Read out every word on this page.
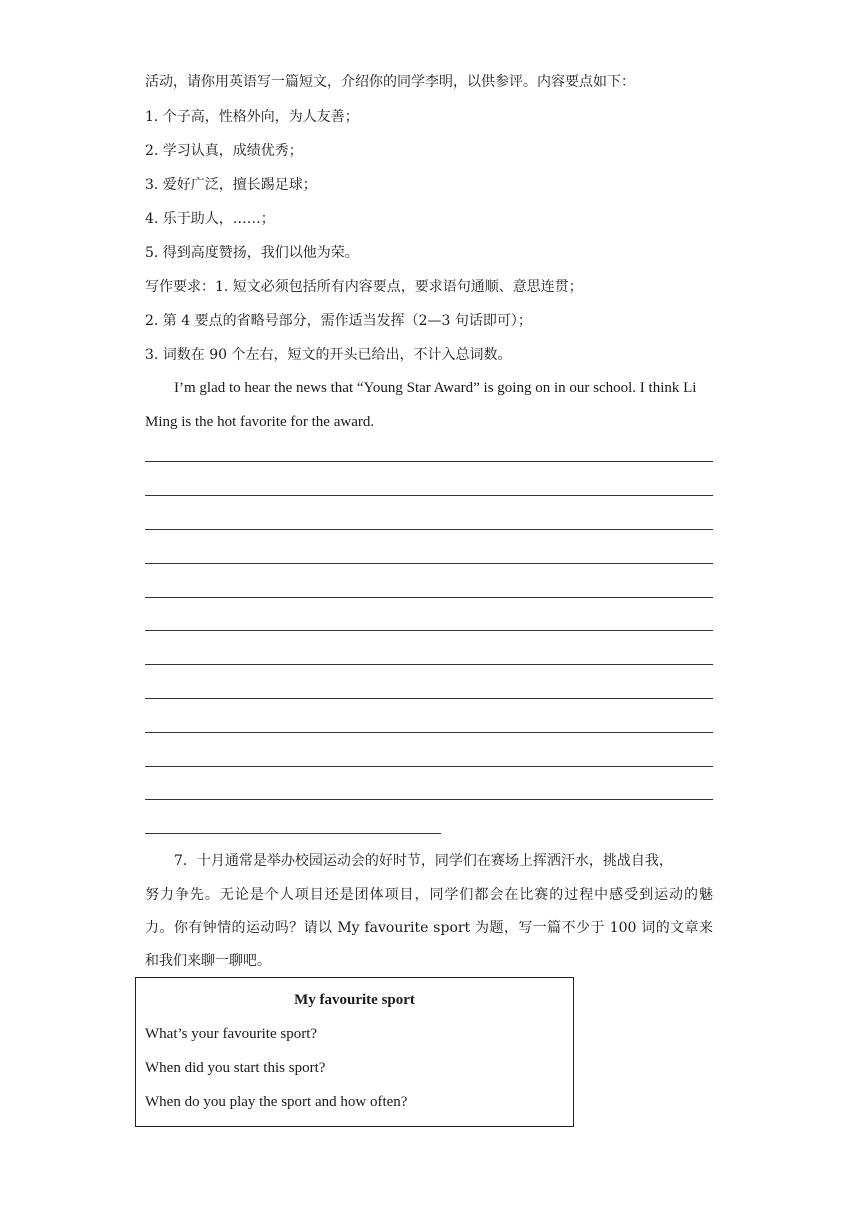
活动，请你用英语写一篇短文，介绍你的同学李明，以供参评。内容要点如下：
1. 个子高，性格外向，为人友善；
2. 学习认真，成绩优秀；
3. 爱好广泛，擅长踢足球；
4. 乐于助人，……；
5. 得到高度赞扬，我们以他为荣。
写作要求：1. 短文必须包括所有内容要点，要求语句通顺、意思连贯；
2. 第 4 要点的省略号部分，需作适当发挥（2—3 句话即可）；
3. 词数在 90 个左右，短文的开头已给出，不计入总词数。
I’m glad to hear the news that “Young Star Award” is going on in our school. I think Li
Ming is the hot favorite for the award.
7．十月通常是举办校园运动会的好时节，同学们在赛场上挥洒汗水，挑战自我，
努力争先。无论是个人项目还是团体项目，同学们都会在比赛的过程中感受到运动的魅
力。你有钟情的运动吗？请以 My favourite sport 为题，写一篇不少于 100 词的文章来
和我们来聊一聊吧。
My favourite sport
What’s your favourite sport?
When did you start this sport?
When do you play the sport and how often?
